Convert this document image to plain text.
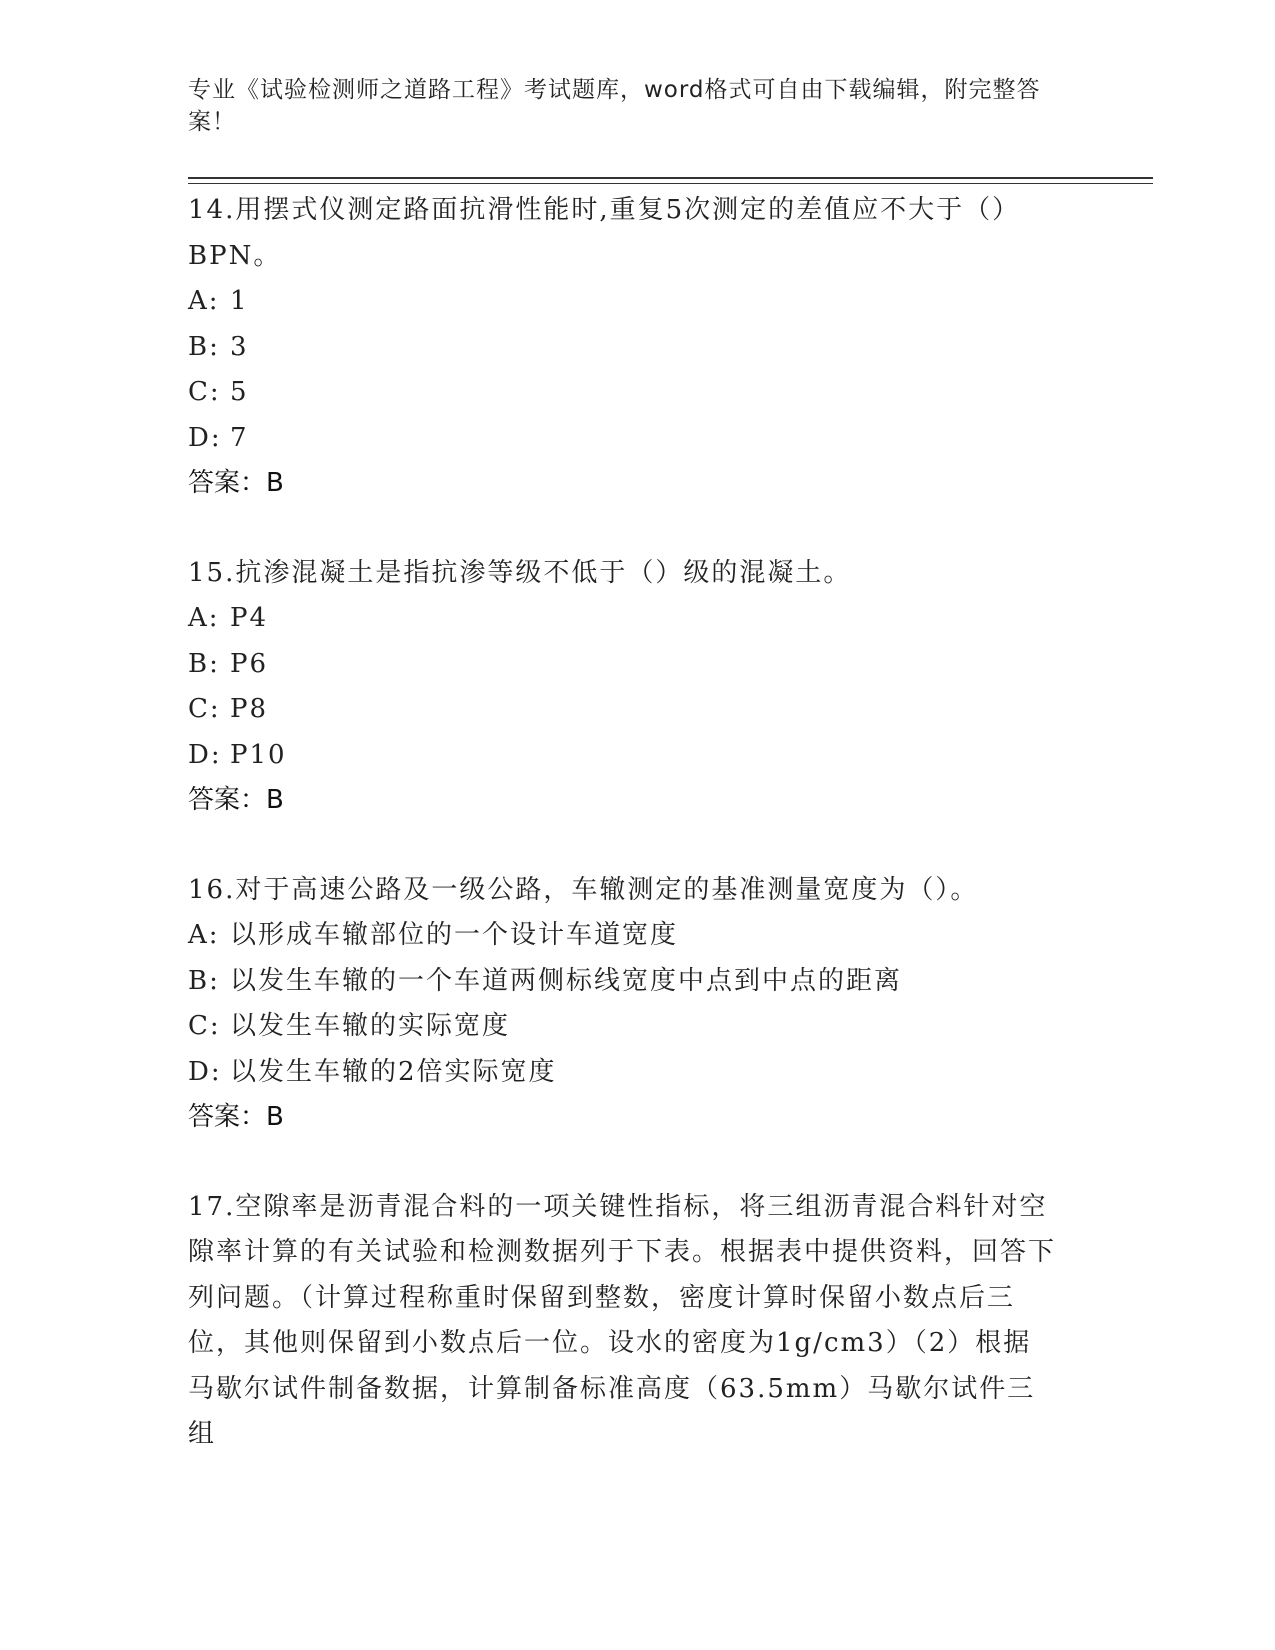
专业《试验检测师之道路工程》考试题库，word格式可自由下载编辑，附完整答案！
14.用摆式仪测定路面抗滑性能时,重复5次测定的差值应不大于（）BPN。
A: 1
B: 3
C: 5
D: 7
答案：B
15.抗渗混凝土是指抗渗等级不低于（）级的混凝土。
A: P4
B: P6
C: P8
D: P10
答案：B
16.对于高速公路及一级公路，车辙测定的基准测量宽度为（）。
A: 以形成车辙部位的一个设计车道宽度
B: 以发生车辙的一个车道两侧标线宽度中点到中点的距离
C: 以发生车辙的实际宽度
D: 以发生车辙的2倍实际宽度
答案：B
17.空隙率是沥青混合料的一项关键性指标，将三组沥青混合料针对空隙率计算的有关试验和检测数据列于下表。根据表中提供资料，回答下列问题。（计算过程称重时保留到整数，密度计算时保留小数点后三位，其他则保留到小数点后一位。设水的密度为1g/cm3）（2）根据马歇尔试件制备数据，计算制备标准高度（63.5mm）马歇尔试件三组
